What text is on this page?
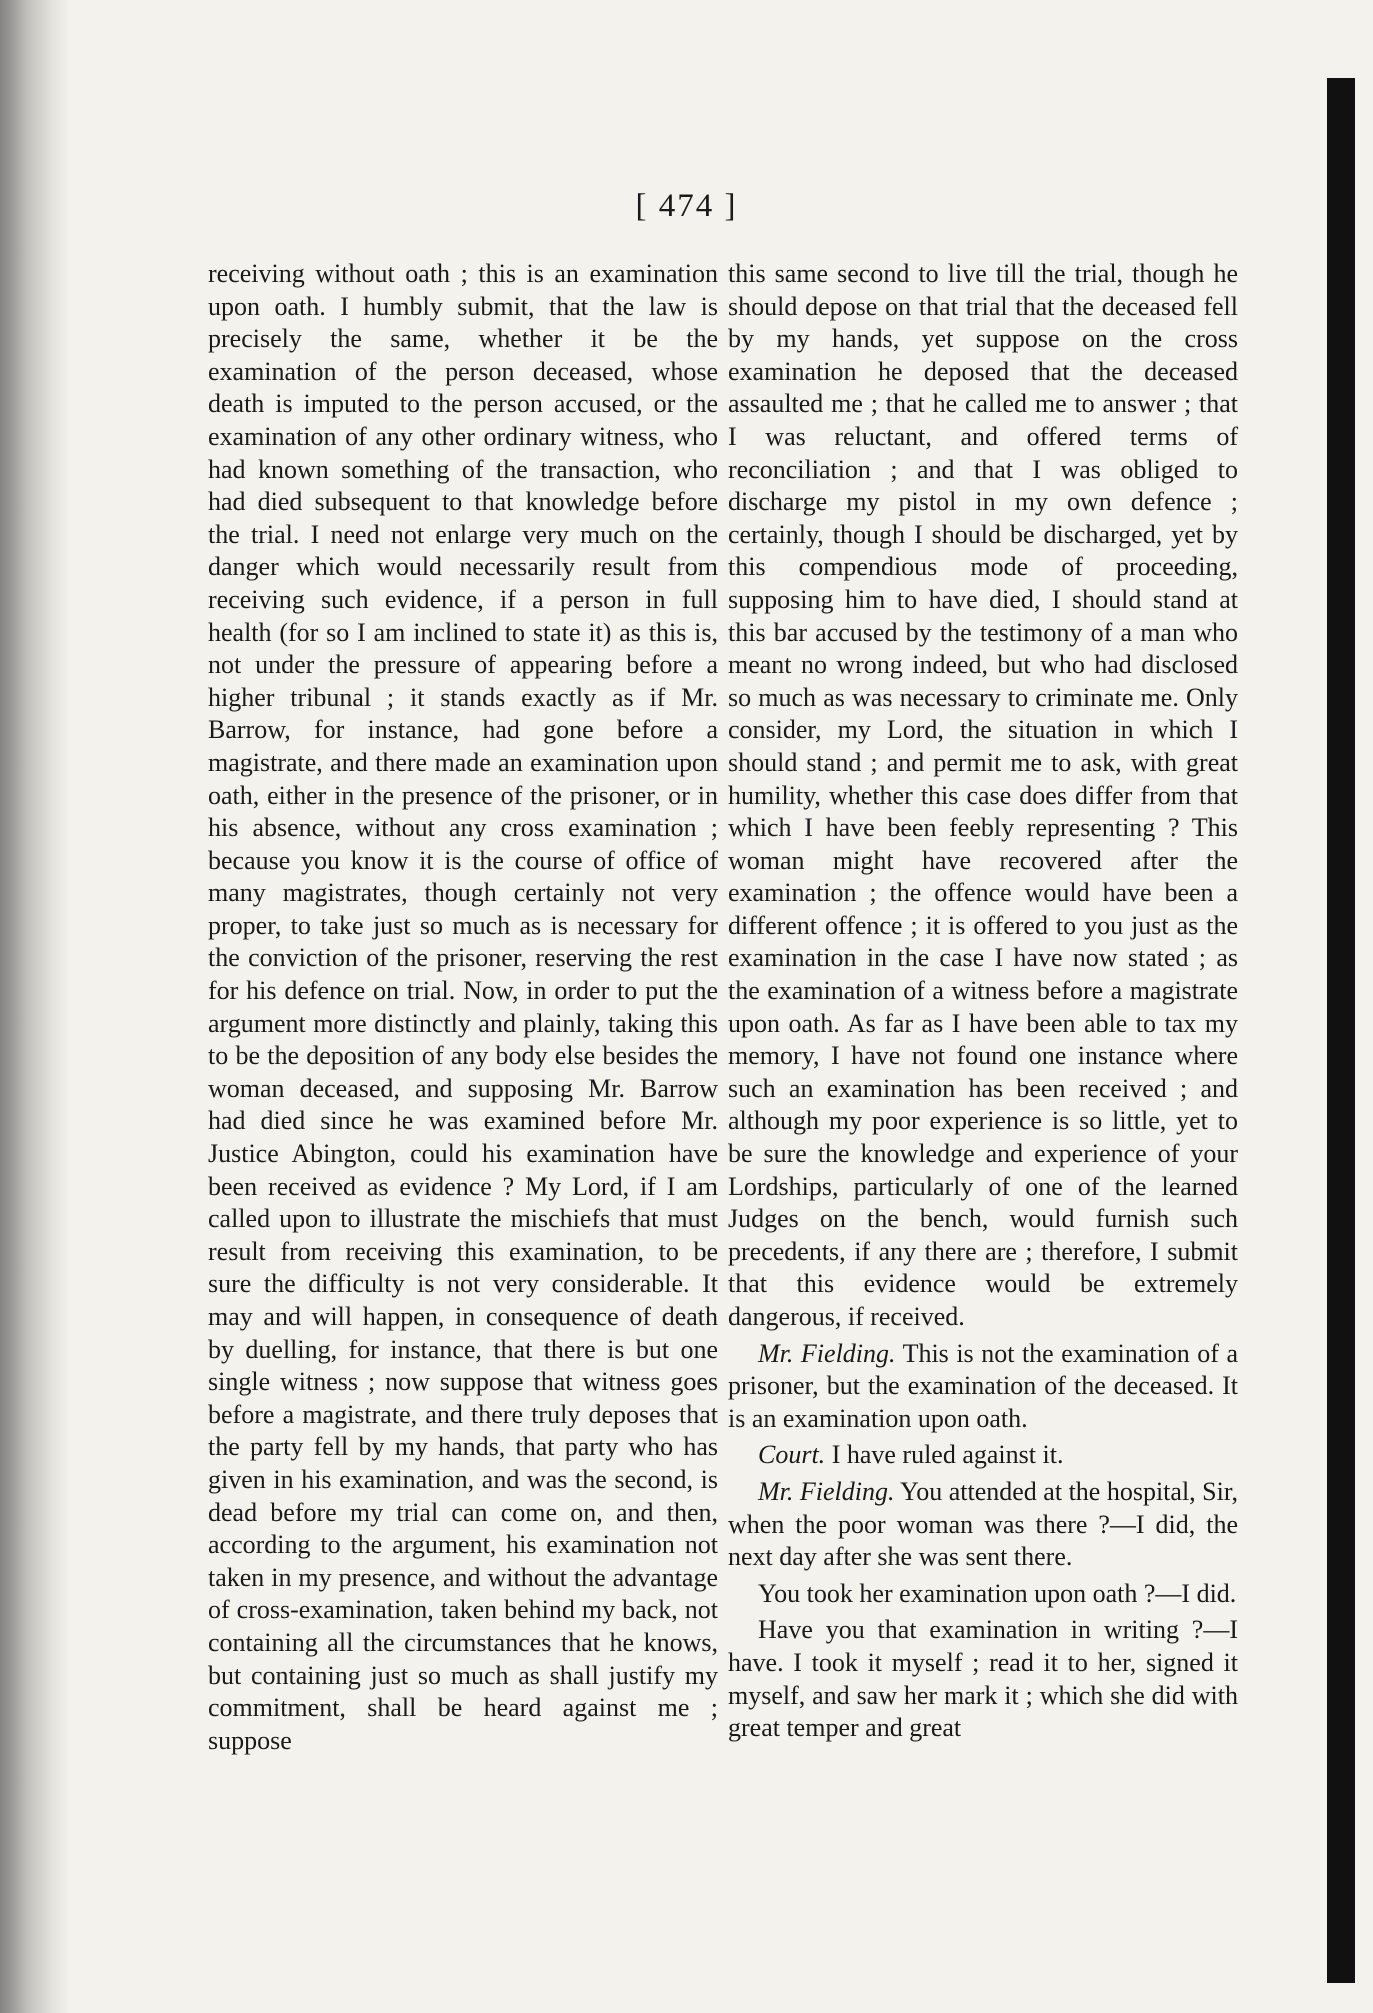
[ 474 ]

receiving without oath ; this is an examination upon oath. I humbly submit, that the law is precisely the same, whether it be the examination of the person deceased, whose death is imputed to the person accused, or the examination of any other ordinary witness, who had known something of the transaction, who had died subsequent to that knowledge before the trial. I need not enlarge very much on the danger which would necessarily result from receiving such evidence, if a person in full health (for so I am inclined to state it) as this is, not under the pressure of appearing before a higher tribunal ; it stands exactly as if Mr. Barrow, for instance, had gone before a magistrate, and there made an examination upon oath, either in the presence of the prisoner, or in his absence, without any cross examination ; because you know it is the course of office of many magistrates, though certainly not very proper, to take just so much as is necessary for the conviction of the prisoner, reserving the rest for his defence on trial. Now, in order to put the argument more distinctly and plainly, taking this to be the deposition of any body else besides the woman deceased, and supposing Mr. Barrow had died since he was examined before Mr. Justice Abington, could his examination have been received as evidence ? My Lord, if I am called upon to illustrate the mischiefs that must result from receiving this examination, to be sure the difficulty is not very considerable. It may and will happen, in consequence of death by duelling, for instance, that there is but one single witness ; now suppose that witness goes before a magistrate, and there truly deposes that the party fell by my hands, that party who has given in his examination, and was the second, is dead before my trial can come on, and then, according to the argument, his examination not taken in my presence, and without the advantage of cross-examination, taken behind my back, not containing all the circumstances that he knows, but containing just so much as shall justify my commitment, shall be heard against me ; suppose

this same second to live till the trial, though he should depose on that trial that the deceased fell by my hands, yet suppose on the cross examination he deposed that the deceased assaulted me ; that he called me to answer ; that I was reluctant, and offered terms of reconciliation ; and that I was obliged to discharge my pistol in my own defence ; certainly, though I should be discharged, yet by this compendious mode of proceeding, supposing him to have died, I should stand at this bar accused by the testimony of a man who meant no wrong indeed, but who had disclosed so much as was necessary to criminate me. Only consider, my Lord, the situation in which I should stand ; and permit me to ask, with great humility, whether this case does differ from that which I have been feebly representing ? This woman might have recovered after the examination ; the offence would have been a different offence ; it is offered to you just as the examination in the case I have now stated ; as the examination of a witness before a magistrate upon oath. As far as I have been able to tax my memory, I have not found one instance where such an examination has been received ; and although my poor experience is so little, yet to be sure the knowledge and experience of your Lordships, particularly of one of the learned Judges on the bench, would furnish such precedents, if any there are ; therefore, I submit that this evidence would be extremely dangerous, if received.

Mr. Fielding. This is not the examination of a prisoner, but the examination of the deceased. It is an examination upon oath.

Court. I have ruled against it.

Mr. Fielding. You attended at the hospital, Sir, when the poor woman was there ?—I did, the next day after she was sent there.

You took her examination upon oath ?—I did.

Have you that examination in writing ?—I have. I took it myself ; read it to her, signed it myself, and saw her mark it ; which she did with great temper and great
